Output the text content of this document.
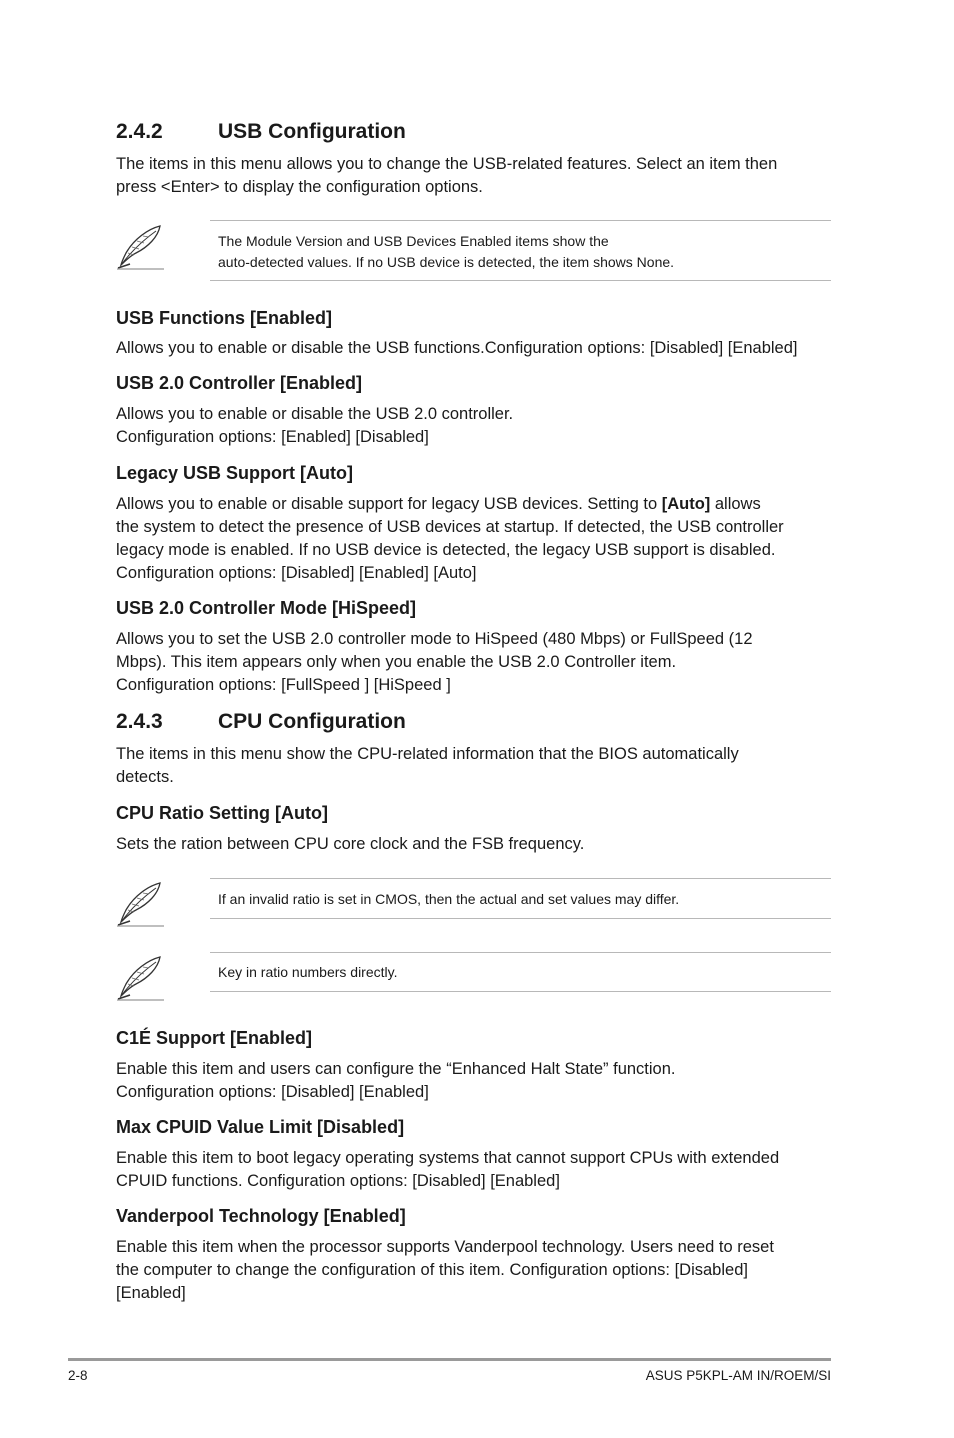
2.4.2	USB Configuration

The items in this menu allows you to change the USB-related features. Select an item then
press <Enter> to display the configuration options.

The Module Version and USB Devices Enabled items show the
auto-detected values. If no USB device is detected, the item shows None.
USB Functions [Enabled]

Allows you to enable or disable the USB functions.Configuration options: [Disabled] [Enabled]

USB 2.0 Controller [Enabled]

Allows you to enable or disable the USB 2.0 controller.
Configuration options: [Enabled] [Disabled]

Legacy USB Support [Auto]

Allows you to enable or disable support for legacy USB devices. Setting to [Auto] allows
the system to detect the presence of USB devices at startup. If detected, the USB controller
legacy mode is enabled. If no USB device is detected, the legacy USB support is disabled.
Configuration options: [Disabled] [Enabled] [Auto]

USB 2.0 Controller Mode [HiSpeed]

Allows you to set the USB 2.0 controller mode to HiSpeed (480 Mbps) or FullSpeed (12
Mbps). This item appears only when you enable the USB 2.0 Controller item.
Configuration options: [FullSpeed ] [HiSpeed ]

2.4.3	CPU Configuration

The items in this menu show the CPU-related information that the BIOS automatically
detects.

CPU Ratio Setting [Auto]

Sets the ration between CPU core clock and the FSB frequency.

If an invalid ratio is set in CMOS, then the actual and set values may differ.
Key in ratio numbers directly.
C1É Support [Enabled]

Enable this item and users can configure the “Enhanced Halt State” function.
Configuration options: [Disabled] [Enabled]

Max CPUID Value Limit [Disabled]

Enable this item to boot legacy operating systems that cannot support CPUs with extended
CPUID functions. Configuration options: [Disabled] [Enabled]

Vanderpool Technology [Enabled]

Enable this item when the processor supports Vanderpool technology. Users need to reset
the computer to change the configuration of this item. Configuration options: [Disabled]
[Enabled]

2-8	ASUS P5KPL-AM IN/ROEM/SI
